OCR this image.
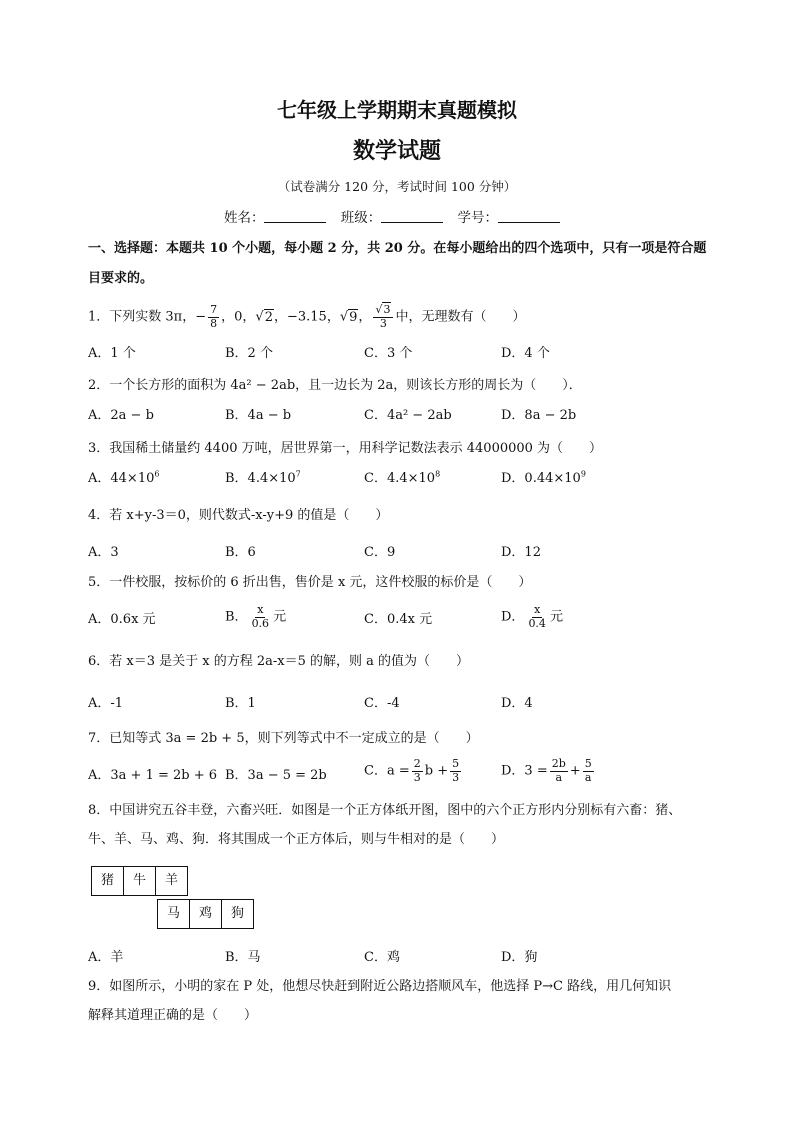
七年级上学期期末真题模拟
数学试题
（试卷满分 120 分，考试时间 100 分钟）
姓名：	班级：	学号：
一、选择题：本题共 10 个小题，每小题 2 分，共 20 分。在每小题给出的四个选项中，只有一项是符合题目要求的。
1．下列实数 3π，− $\frac{7}{8}$ ，0，√2，−3.15，√9， $\frac{√3}{3}$ 中，无理数有（　　）
A．1 个	B．2 个	C．3 个	D．4 个
2．一个长方形的面积为 4a² − 2ab，且一边长为 2a，则该长方形的周长为（　　）．
A．2a − b	B．4a − b	C．4a² − 2ab	D．8a − 2b
3．我国稀土储量约 4400 万吨，居世界第一，用科学记数法表示 44000000 为（　　）
A．$44\times 10^6$	B．$4.4\times 10^7$	C．$4.4\times 10^8$	D．$0.44\times 10^9$
4．若 x+y-3＝0，则代数式-x-y+9 的值是（　　）
A．3	B．6	C．9	D．12
5．一件校服，按标价的 6 折出售，售价是 x 元，这件校服的标价是（　　）
A．0.6x 元	B． $\frac{x}{0.6}$ 元	C．0.4x 元	D． $\frac{x}{0.4}$ 元
6．若 x＝3 是关于 x 的方程 2a-x＝5 的解，则 a 的值为（　　）
A．-1	B．1	C．-4	D．4
7．已知等式 3a = 2b + 5，则下列等式中不一定成立的是（　　）
A．3a + 1 = 2b + 6 B．3a − 5 = 2b	C．$a = \frac{2}{3}$ $b + \frac{5}{3}$	D．$3 = \frac{2b}{a} + \frac{5}{a}$
8．中国讲究五谷丰登，六畜兴旺．如图是一个正方体纸开图，图中的六个正方形内分别标有六畜：猪、
牛、羊、马、鸡、狗．将其围成一个正方体后，则与牛相对的是（　　）
猪	牛	羊
马	鸡	狗
A．羊	B．马	C．鸡	D．狗
9．如图所示，小明的家在 P 处，他想尽快赶到附近公路边搭顺风车，他选择 P→C 路线，用几何知识
解释其道理正确的是（　　）
